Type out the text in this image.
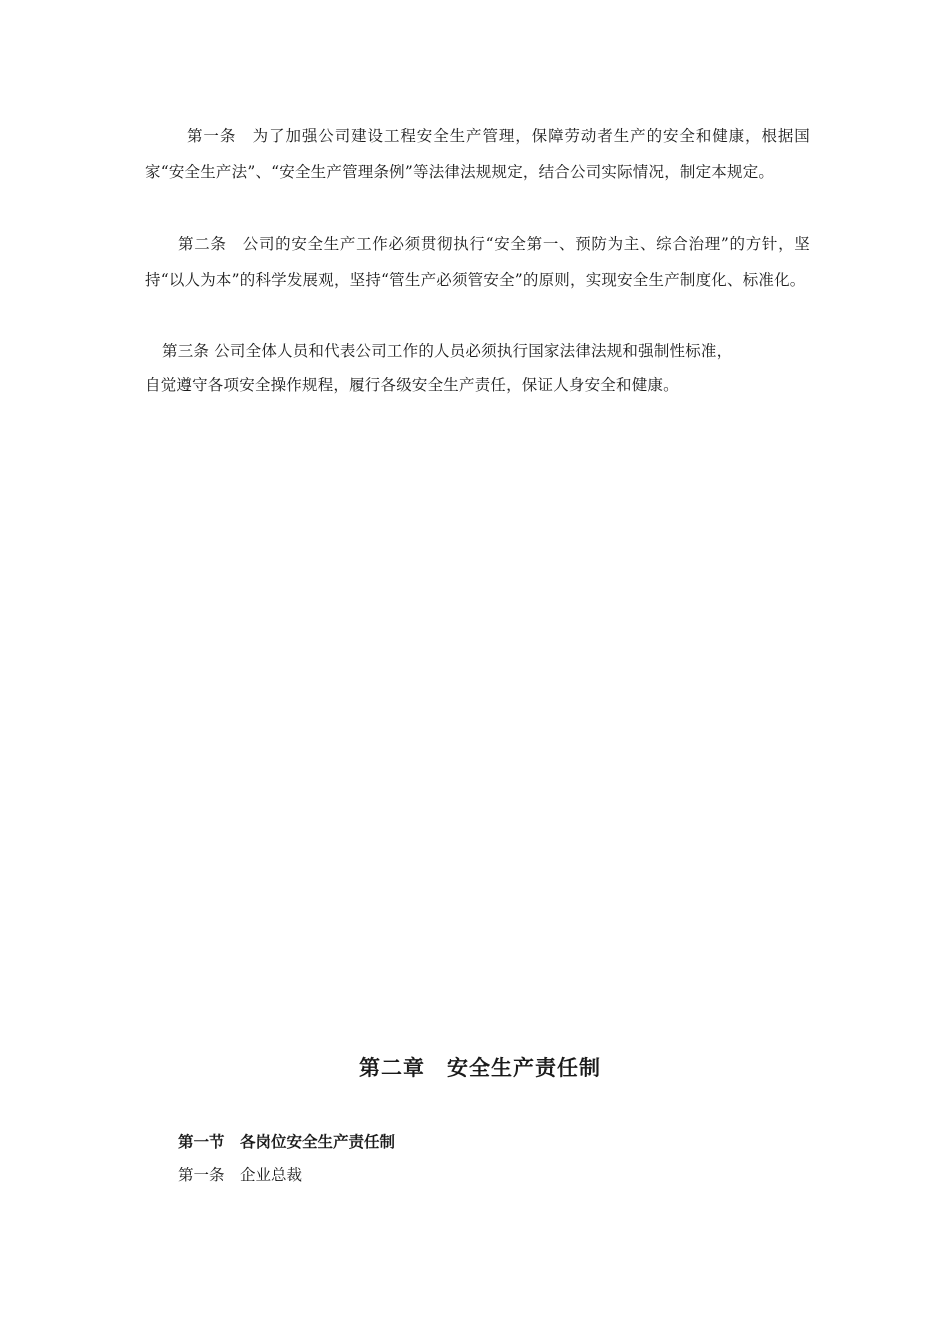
第一条　为了加强公司建设工程安全生产管理，保障劳动者生产的安全和健康，根据国家“安全生产法”、“安全生产管理条例”等法律法规规定，结合公司实际情况，制定本规定。

第二条　公司的安全生产工作必须贯彻执行“安全第一、预防为主、综合治理”的方针，坚持“以人为本”的科学发展观，坚持“管生产必须管安全”的原则，实现安全生产制度化、标准化。

第三条 公司全体人员和代表公司工作的人员必须执行国家法律法规和强制性标准，
自觉遵守各项安全操作规程，履行各级安全生产责任，保证人身安全和健康。
第二章　安全生产责任制
第一节　各岗位安全生产责任制
第一条　企业总裁
